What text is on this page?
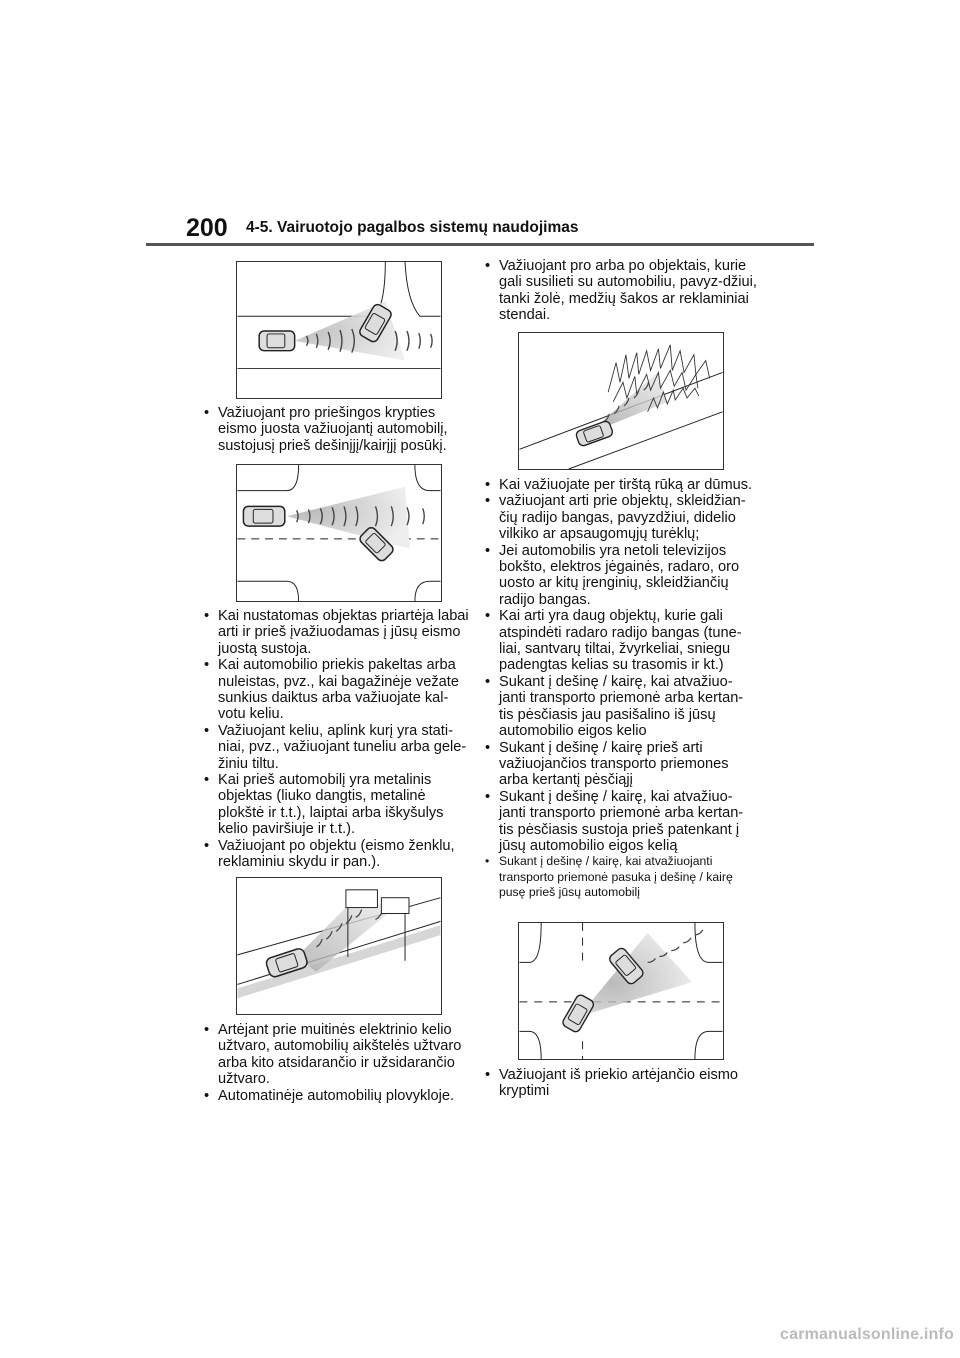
200 4-5. Vairuotojo pagalbos sistemų naudojimas
• Važiuojant pro priešingos krypties eismo juosta važiuojantį automobilį, sustojusį prieš dešinįjį/kairįjį posūkį.
• Kai nustatomas objektas priartėja labai arti ir prieš įvažiuodamas į jūsų eismo juostą sustoja.
• Kai automobilio priekis pakeltas arba nuleistas, pvz., kai bagažinėje vežate sunkius daiktus arba važiuojate kal-votu keliu.
• Važiuojant keliu, aplink kurį yra stati-niai, pvz., važiuojant tuneliu arba gele-žiniu tiltu.
• Kai prieš automobilį yra metalinis objektas (liuko dangtis, metalinė plokštė ir t.t.), laiptai arba iškyšulys kelio paviršiuje ir t.t.).
• Važiuojant po objektu (eismo ženklu, reklaminiu skydu ir pan.).
• Artėjant prie muitinės elektrinio kelio užtvaro, automobilių aikštelės užtvaro arba kito atsidarančio ir užsidarančio užtvaro.
• Automatinėje automobilių plovykloje.
• Važiuojant pro arba po objektais, kurie gali susilieti su automobiliu, pavyz-džiui, tanki žolė, medžių šakos ar reklaminiai stendai.
• Kai važiuojate per tirštą rūką ar dūmus.
• važiuojant arti prie objektų, skleidžian-čių radijo bangas, pavyzdžiui, didelio vilkiko ar apsaugomųjų turėklų;
• Jei automobilis yra netoli televizijos bokšto, elektros jėgainės, radaro, oro uosto ar kitų įrenginių, skleidžiančių radijo bangas.
• Kai arti yra daug objektų, kurie gali atspindėti radaro radijo bangas (tune-liai, santvarų tiltai, žvyrkeliai, sniegu padengtas kelias su trasomis ir kt.)
• Sukant į dešinę / kairę, kai atvažiuo-janti transporto priemonė arba kertan-tis pėsčiasis jau pasišalino iš jūsų automobilio eigos kelio
• Sukant į dešinę / kairę prieš arti važiuojančios transporto priemones arba kertantį pėsčiąjį
• Sukant į dešinę / kairę, kai atvažiuo-janti transporto priemonė arba kertan-tis pėsčiasis sustoja prieš patenkant į jūsų automobilio eigos kelią
• Sukant į dešinę / kairę, kai atvažiuojanti transporto priemonė pasuka į dešinę / kairę pusę prieš jūsų automobilį
• Važiuojant iš priekio artėjančio eismo kryptimi
carmanualsonline.info
